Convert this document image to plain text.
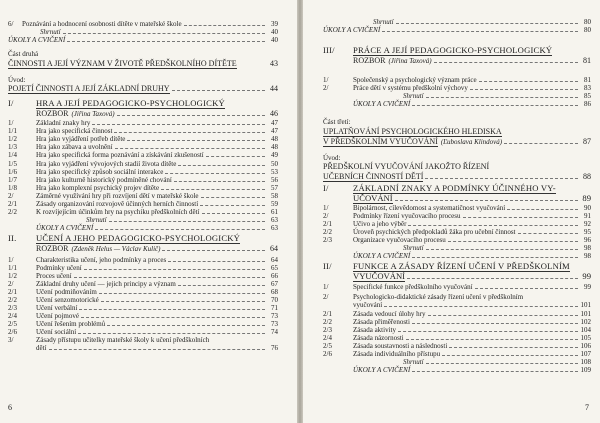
6/	Poznávání a hodnocení osobnosti dítěte v mateřské škole	39
Shrnutí	40
ÚKOLY A CVIČENÍ	40
Část druhá
ČINNOSTI A JEJÍ VÝZNAM V ŽIVOTĚ PŘEDŠKOLNÍHO DÍTĚTE	43
Úvod:
POJETÍ ČINNOSTI A JEJÍ ZÁKLADNÍ DRUHY	44
I/	HRA A JEJÍ PEDAGOGICKO-PSYCHOLOGICKÝ
ROZBOR (Jiřina Taxová)	46
1/	Základní znaky hry	47
1/1	Hra jako specifická činnost	47
1/2	Hra jako vyjádření potřeb dítěte	48
1/3	Hra jako zábava a uvolnění	48
1/4	Hra jako specifická forma poznávání a získávání zkušeností	49
1/5	Hra jako vyjádření vývojových stadií života dítěte	50
1/6	Hra jako specifický způsob sociální interakce	53
1/7	Hra jako kulturně historický podmíněné chování	56
1/8	Hra jako komplexní psychický projev dítěte	57
2/	Záměrné využívání hry při rozvíjení dětí v mateřské škole	58
2/1	Zásady organizování rozvojově účinných herních činností	59
2/2	K rozvíjejícím účinkům hry na psychiku předškolních dětí	61
Shrnutí	63
ÚKOLY A CVIČENÍ	63
II. UČENÍ A JEHO PEDAGOGICKO-PSYCHOLOGICKÝ
ROZBOR (Zdeněk Helus — Václav Kulič)	64
1/	Charakteristika učení, jeho podmínky a proces	64
1/1	Podmínky učení	65
1/2	Proces učení	66
2/	Základní druhy učení — jejich principy a význam	67
2/1	Učení podmiňováním	68
2/2	Učení senzomotorické	70
2/3	Učení verbální	71
2/4	Učení pojmové	73
2/5	Učení řešením problémů	73
2/6	Učení sociální	74
3/	Zásady přístupu učitelky mateřské školy k učení předškolních
dětí	76
6
Shrnutí	80
ÚKOLY A CVIČENÍ	80
III/ PRÁCE A JEJÍ PEDAGOGICKO-PSYCHOLOGICKÝ
ROZBOR (Jiřina Taxová)	81
1/	Společenský a psychologický význam práce	81
2/	Práce dětí v systému předškolní výchovy	83
Shrnutí	85
ÚKOLY A CVIČENÍ	86
Část třetí:
UPLATŇOVÁNÍ PSYCHOLOGICKÉHO HLEDISKA
V PŘEDŠKOLNÍM VYUČOVÁNÍ (Ľuboslava Klindová)	87
Úvod:
PŘEDŠKOLNÍ VYUČOVÁNÍ JAKOŽTO ŘÍZENÍ
UČEBNÍCH ČINNOSTÍ DĚTÍ	88
I/	ZÁKLADNÍ ZNAKY A PODMÍNKY ÚČINNÉHO VY-
UČOVÁNÍ	89
1/	Bipolárnost, cílevědomost a systematičnost vyučování	90
2/	Podmínky řízení vyučovacího procesu	91
2/1	Učivo a jeho výběr	92
2/2	Úroveň psychických předpokladů žáka pro učební činnost	95
2/3	Organizace vyučovacího procesu	96
Shrnutí	98
ÚKOLY A CVIČENÍ	98
II/ FUNKCE A ZÁSADY ŘÍZENÍ UČENÍ V PŘEDŠKOLNÍM
VYUČOVÁNÍ	99
1/	Specifické funkce předškolního vyučování	99
2/	Psychologicko-didaktické zásady řízení učení v předškolním
vyučování	101
2/1	Zásada vedoucí úlohy hry	101
2/2	Zásada přiměřenosti	102
2/3	Zásada aktivity	104
2/4	Zásada názornosti	105
2/5	Zásada soustavnosti a následnosti	106
2/6	Zásada individuálního přístupu	107
Shrnutí	108
ÚKOLY A CVIČENÍ	109
7
